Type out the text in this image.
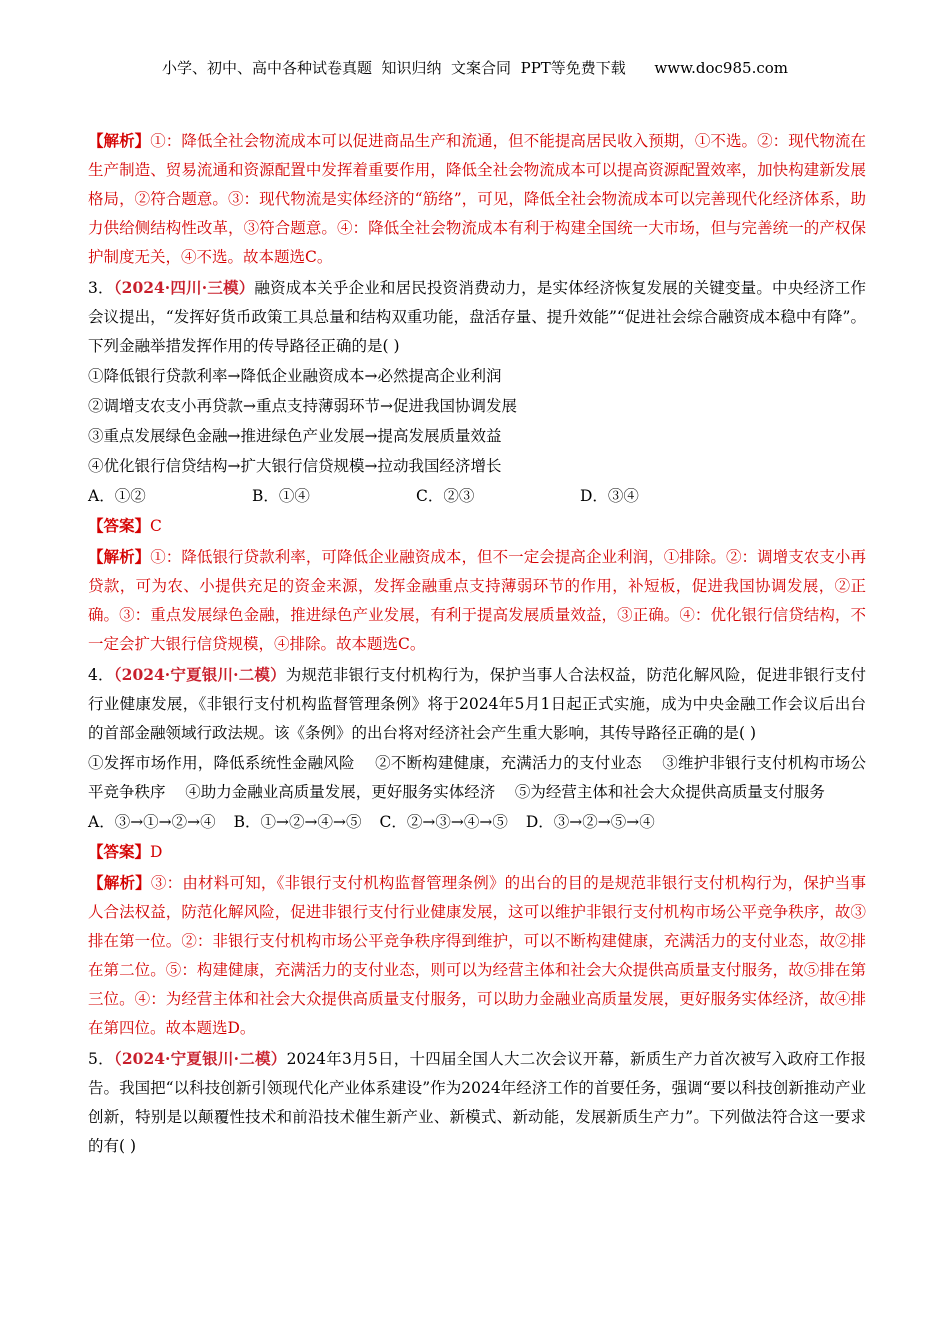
小学、初中、高中各种试卷真题  知识归纳  文案合同  PPT等免费下载      www.doc985.com

【解析】①：降低全社会物流成本可以促进商品生产和流通，但不能提高居民收入预期，①不选。②：现代物流在生产制造、贸易流通和资源配置中发挥着重要作用，降低全社会物流成本可以提高资源配置效率，加快构建新发展格局，②符合题意。③：现代物流是实体经济的“筋络”，可见，降低全社会物流成本可以完善现代化经济体系，助力供给侧结构性改革，③符合题意。④：降低全社会物流成本有利于构建全国统一大市场，但与完善统一的产权保护制度无关，④不选。故本题选C。

3．（2024·四川·三模）融资成本关乎企业和居民投资消费动力，是实体经济恢复发展的关键变量。中央经济工作会议提出，“发挥好货币政策工具总量和结构双重功能，盘活存量、提升效能”“促进社会综合融资成本稳中有降”。下列金融举措发挥作用的传导路径正确的是( )

①降低银行贷款利率→降低企业融资成本→必然提高企业利润

②调增支农支小再贷款→重点支持薄弱环节→促进我国协调发展

③重点发展绿色金融→推进绿色产业发展→提高发展质量效益

④优化银行信贷结构→扩大银行信贷规模→拉动我国经济增长

A．①②	B．①④	C．②③	D．③④

【答案】C

【解析】①：降低银行贷款利率，可降低企业融资成本，但不一定会提高企业利润，①排除。②：调增支农支小再贷款，可为农、小提供充足的资金来源，发挥金融重点支持薄弱环节的作用，补短板，促进我国协调发展，②正确。③：重点发展绿色金融，推进绿色产业发展，有利于提高发展质量效益，③正确。④：优化银行信贷结构，不一定会扩大银行信贷规模，④排除。故本题选C。

4．（2024·宁夏银川·二模）为规范非银行支付机构行为，保护当事人合法权益，防范化解风险，促进非银行支付行业健康发展，《非银行支付机构监督管理条例》将于2024年5月1日起正式实施，成为中央金融工作会议后出台的首部金融领域行政法规。该《条例》的出台将对经济社会产生重大影响，其传导路径正确的是( )

①发挥市场作用，降低系统性金融风险    ②不断构建健康，充满活力的支付业态    ③维护非银行支付机构市场公平竞争秩序    ④助力金融业高质量发展，更好服务实体经济    ⑤为经营主体和社会大众提供高质量支付服务

A．③→①→②→④ B．①→②→④→⑤ C．②→③→④→⑤ D．③→②→⑤→④

【答案】D

【解析】③：由材料可知，《非银行支付机构监督管理条例》的出台的目的是规范非银行支付机构行为，保护当事人合法权益，防范化解风险，促进非银行支付行业健康发展，这可以维护非银行支付机构市场公平竞争秩序，故③排在第一位。②：非银行支付机构市场公平竞争秩序得到维护，可以不断构建健康，充满活力的支付业态，故②排在第二位。⑤：构建健康，充满活力的支付业态，则可以为经营主体和社会大众提供高质量支付服务，故⑤排在第三位。④：为经营主体和社会大众提供高质量支付服务，可以助力金融业高质量发展，更好服务实体经济，故④排在第四位。故本题选D。

5．（2024·宁夏银川·二模）2024年3月5日，十四届全国人大二次会议开幕，新质生产力首次被写入政府工作报告。我国把“以科技创新引领现代化产业体系建设”作为2024年经济工作的首要任务，强调“要以科技创新推动产业创新，特别是以颠覆性技术和前沿技术催生新产业、新模式、新动能，发展新质生产力”。下列做法符合这一要求的有( )
